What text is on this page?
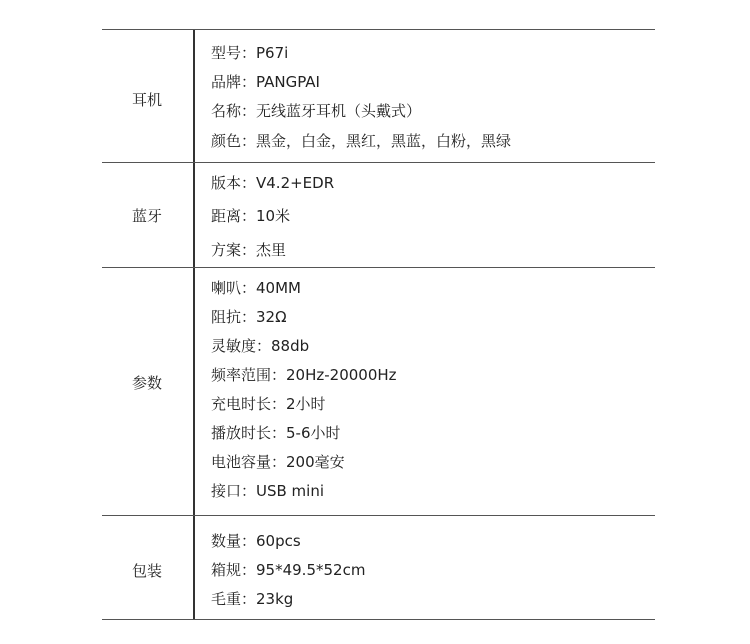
耳机
型号：P67i
品牌：PANGPAI
名称：无线蓝牙耳机（头戴式）
颜色：黑金，白金，黑红，黑蓝，白粉，黑绿
蓝牙
版本：V4.2+EDR
距离：10米
方案：杰里
参数
喇叭：40MM
阻抗：32Ω
灵敏度：88db
频率范围：20Hz-20000Hz
充电时长：2小时
播放时长：5-6小时
电池容量：200毫安
接口：USB mini
包装
数量：60pcs
箱规：95*49.5*52cm
毛重：23kg
